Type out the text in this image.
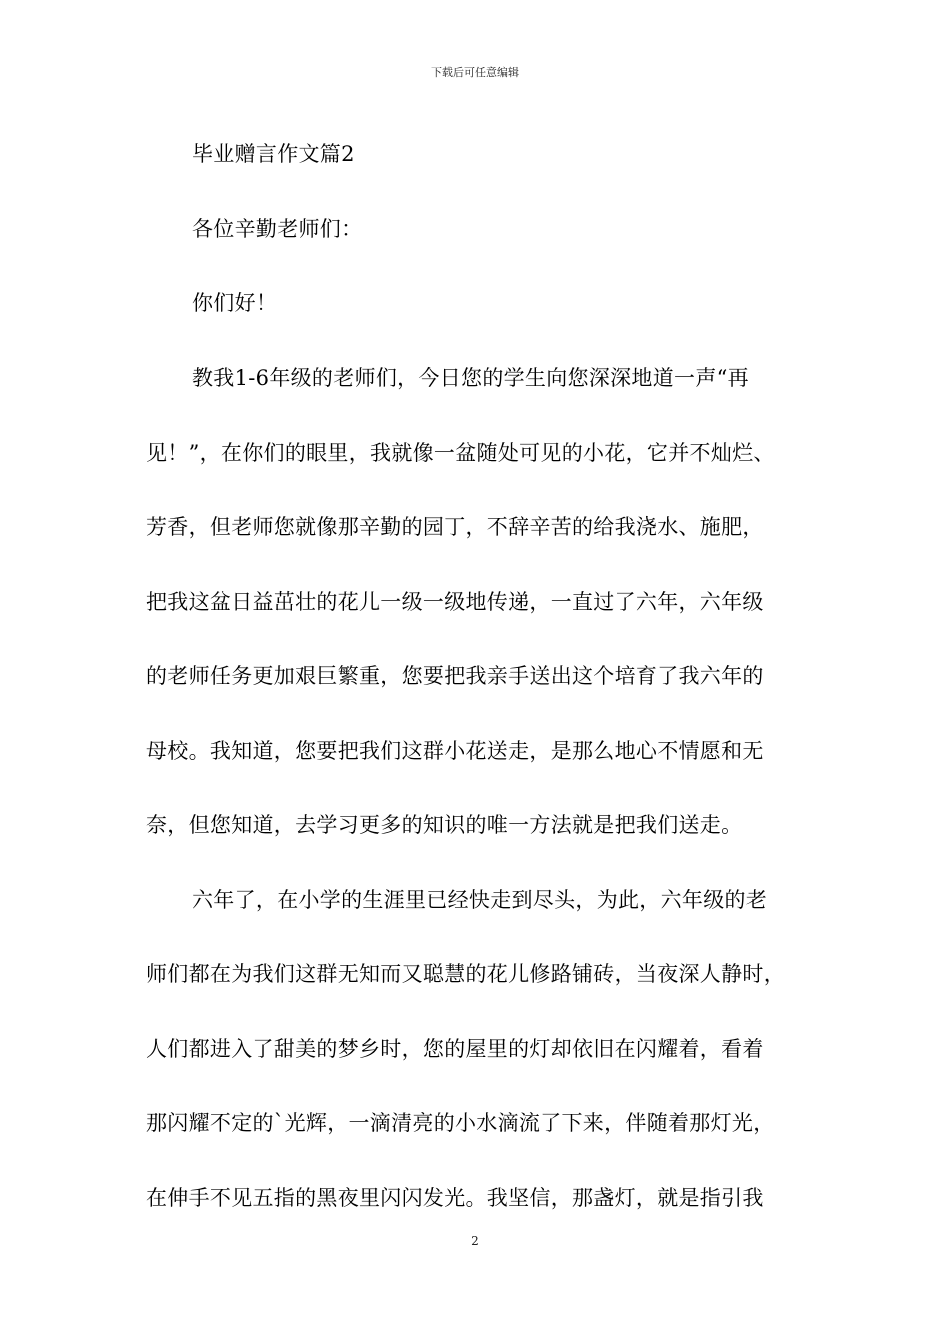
下载后可任意编辑
毕业赠言作文篇2
各位辛勤老师们：
你们好！
教我1-6年级的老师们，今日您的学生向您深深地道一声“再
见！”，在你们的眼里，我就像一盆随处可见的小花，它并不灿烂、
芳香，但老师您就像那辛勤的园丁，不辞辛苦的给我浇水、施肥，
把我这盆日益茁壮的花儿一级一级地传递，一直过了六年，六年级
的老师任务更加艰巨繁重，您要把我亲手送出这个培育了我六年的
母校。我知道，您要把我们这群小花送走，是那么地心不情愿和无
奈，但您知道，去学习更多的知识的唯一方法就是把我们送走。
六年了，在小学的生涯里已经快走到尽头，为此，六年级的老
师们都在为我们这群无知而又聪慧的花儿修路铺砖，当夜深人静时，
人们都进入了甜美的梦乡时，您的屋里的灯却依旧在闪耀着，看着
那闪耀不定的`光辉，一滴清亮的小水滴流了下来，伴随着那灯光，
在伸手不见五指的黑夜里闪闪发光。我坚信，那盏灯，就是指引我
2
